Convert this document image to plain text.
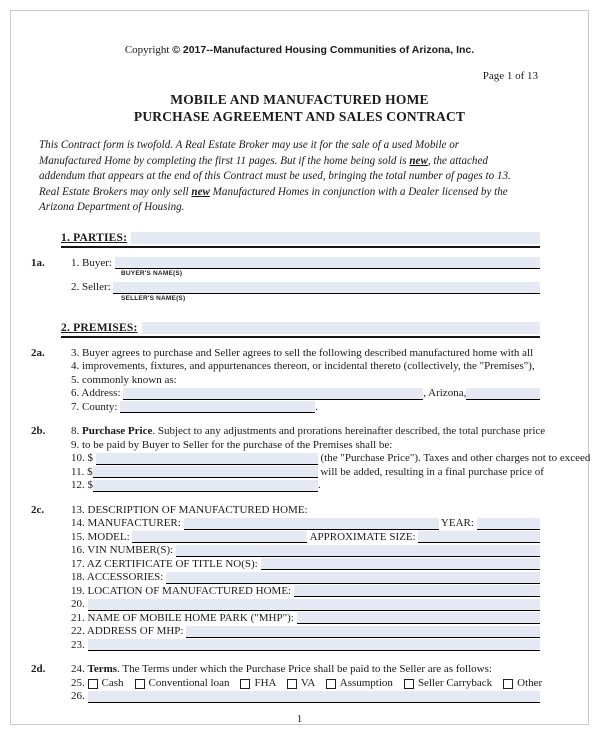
Copyright © 2017--Manufactured Housing Communities of Arizona, Inc.
Page 1 of 13
MOBILE AND MANUFACTURED HOME
PURCHASE AGREEMENT AND SALES CONTRACT
This Contract form is twofold. A Real Estate Broker may use it for the sale of a used Mobile or
Manufactured Home by completing the first 11 pages. But if the home being sold is new, the attached
addendum that appears at the end of this Contract must be used, bringing the total number of pages to 13.
Real Estate Brokers may only sell new Manufactured Homes in conjunction with a Dealer licensed by the
Arizona Department of Housing.
1. PARTIES:
1a.	1. Buyer:
BUYER'S NAME(S)
2. Seller:
SELLER'S NAME(S)
2. PREMISES:
2a.	3. Buyer agrees to purchase and Seller agrees to sell the following described manufactured home with all
4. improvements, fixtures, and appurtenances thereon, or incidental thereto (collectively, the "Premises"),
5. commonly known as:
6. Address:	, Arizona,
7. County:	.
2b.	8. Purchase Price . Subject to any adjustments and prorations hereinafter described, the total purchase price
9. to be paid by Buyer to Seller for the purchase of the Premises shall be:
10. $	(the "Purchase Price"). Taxes and other charges not to exceed
11. $	will be added, resulting in a final purchase price of
12. $	.
2c.	13. DESCRIPTION OF MANUFACTURED HOME:
14. MANUFACTURER:	YEAR:
15. MODEL:	APPROXIMATE SIZE:
16. VIN NUMBER(S):
17. AZ CERTIFICATE OF TITLE NO(S):
18. ACCESSORIES:
19. LOCATION OF MANUFACTURED HOME:
20.
21. NAME OF MOBILE HOME PARK ("MHP"):
22. ADDRESS OF MHP:
23.
2d.	24. Terms . The Terms under which the Purchase Price shall be paid to the Seller are as follows:
25. Cash Conventional loan FHA VA Assumption Seller Carryback Other
26.
1
